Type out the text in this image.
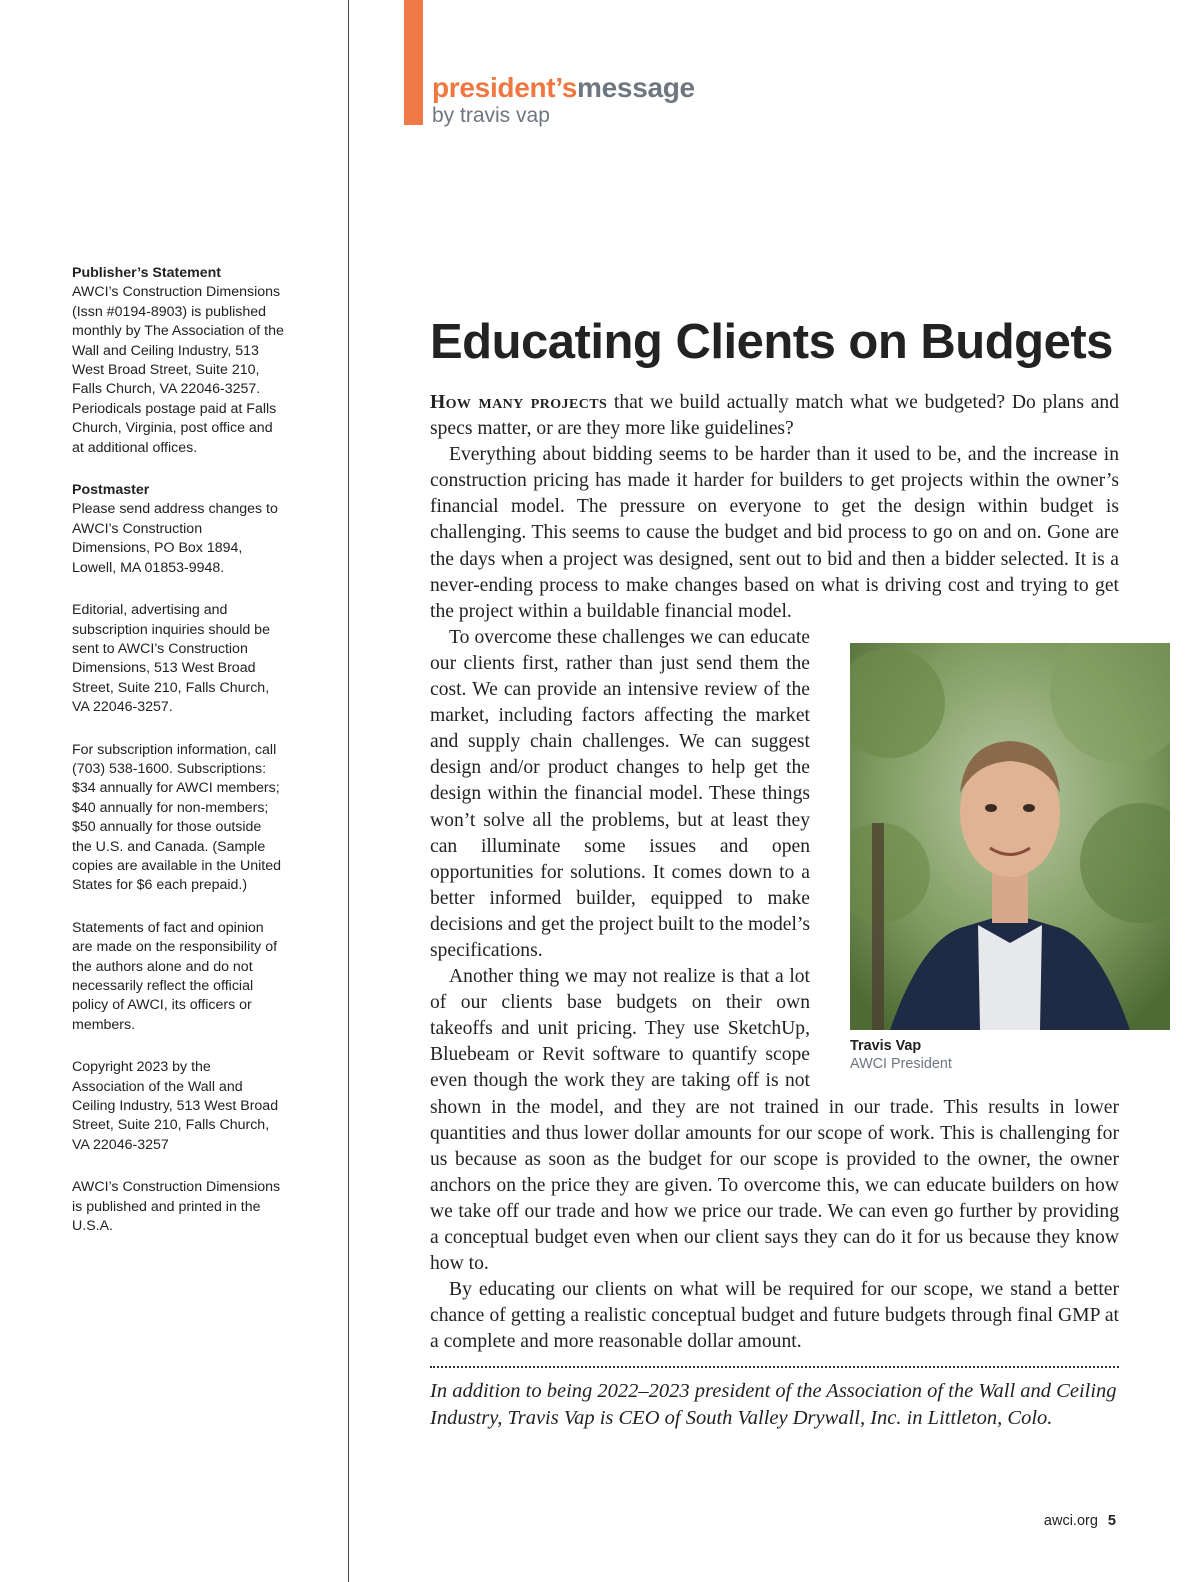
Publisher’s Statement
AWCI’s Construction Dimensions (Issn #0194-8903) is published monthly by The Association of the Wall and Ceiling Industry, 513 West Broad Street, Suite 210, Falls Church, VA 22046-3257. Periodicals postage paid at Falls Church, Virginia, post office and at additional offices.

Postmaster
Please send address changes to AWCI’s Construction Dimensions, PO Box 1894, Lowell, MA 01853-9948.

Editorial, advertising and subscription inquiries should be sent to AWCI’s Construction Dimensions, 513 West Broad Street, Suite 210, Falls Church, VA 22046-3257.

For subscription information, call (703) 538-1600. Subscriptions: $34 annually for AWCI members; $40 annually for non-members; $50 annually for those outside the U.S. and Canada. (Sample copies are available in the United States for $6 each prepaid.)

Statements of fact and opinion are made on the responsibility of the authors alone and do not necessarily reflect the official policy of AWCI, its officers or members.

Copyright 2023 by the Association of the Wall and Ceiling Industry, 513 West Broad Street, Suite 210, Falls Church, VA 22046-3257

AWCI’s Construction Dimensions is published and printed in the U.S.A.

president’smessage
by travis vap
Educating Clients on Budgets

How many projects that we build actually match what we budgeted? Do plans and specs matter, or are they more like guidelines?

Everything about bidding seems to be harder than it used to be, and the increase in construction pricing has made it harder for builders to get projects within the owner’s financial model. The pressure on everyone to get the design within budget is challenging. This seems to cause the budget and bid process to go on and on. Gone are the days when a project was designed, sent out to bid and then a bidder selected. It is a never-ending process to make changes based on what is driving cost and trying to get the project within a buildable financial model.

Travis Vap
AWCI President

To overcome these challenges we can educate our clients first, rather than just send them the cost. We can provide an intensive review of the market, including factors affecting the market and supply chain challenges. We can suggest design and/or product changes to help get the design within the financial model. These things won’t solve all the problems, but at least they can illuminate some issues and open opportunities for solutions. It comes down to a better informed builder, equipped to make decisions and get the project built to the model’s specifications.

Another thing we may not realize is that a lot of our clients base budgets on their own takeoffs and unit pricing. They use SketchUp, Bluebeam or Revit software to quantify scope even though the work they are taking off is not shown in the model, and they are not trained in our trade. This results in lower quantities and thus lower dollar amounts for our scope of work. This is challenging for us because as soon as the budget for our scope is provided to the owner, the owner anchors on the price they are given. To overcome this, we can educate builders on how we take off our trade and how we price our trade. We can even go further by providing a conceptual budget even when our client says they can do it for us because they know how to.

By educating our clients on what will be required for our scope, we stand a better chance of getting a realistic conceptual budget and future budgets through final GMP at a complete and more reasonable dollar amount.

In addition to being 2022–2023 president of the Association of the Wall and Ceiling Industry, Travis Vap is CEO of South Valley Drywall, Inc. in Littleton, Colo.
awci.org 5
